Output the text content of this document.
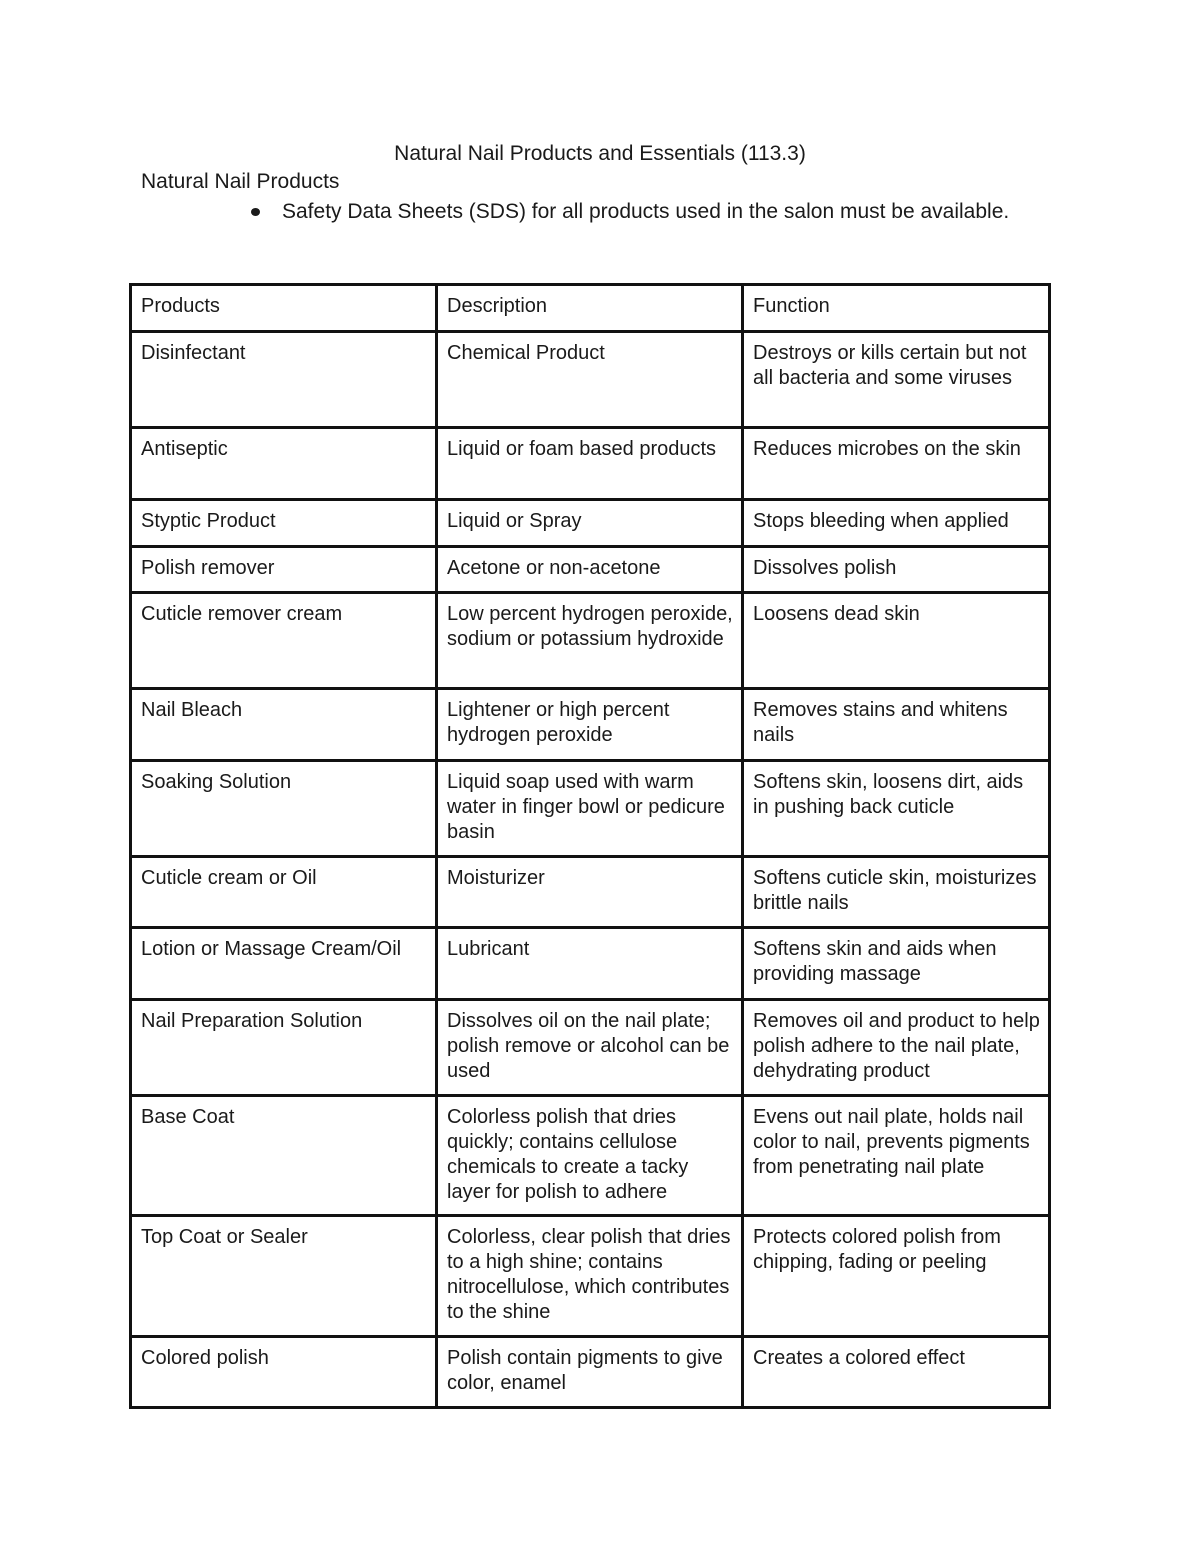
Natural Nail Products and Essentials (113.3)
Natural Nail Products
Safety Data Sheets (SDS) for all products used in the salon must be available.
Products	Description	Function
Disinfectant	Chemical Product	Destroys or kills certain but not all bacteria and some viruses
Antiseptic	Liquid or foam based products	Reduces microbes on the skin
Styptic Product	Liquid or Spray	Stops bleeding when applied
Polish remover	Acetone or non-acetone	Dissolves polish
Cuticle remover cream	Low percent hydrogen peroxide, sodium or potassium hydroxide	Loosens dead skin
Nail Bleach	Lightener or high percent hydrogen peroxide	Removes stains and whitens nails
Soaking Solution	Liquid soap used with warm water in finger bowl or pedicure basin	Softens skin, loosens dirt, aids in pushing back cuticle
Cuticle cream or Oil	Moisturizer	Softens cuticle skin, moisturizes brittle nails
Lotion or Massage Cream/Oil	Lubricant	Softens skin and aids when providing massage
Nail Preparation Solution	Dissolves oil on the nail plate; polish remove or alcohol can be used	Removes oil and product to help polish adhere to the nail plate, dehydrating product
Base Coat	Colorless polish that dries quickly; contains cellulose chemicals to create a tacky layer for polish to adhere	Evens out nail plate, holds nail color to nail, prevents pigments from penetrating nail plate
Top Coat or Sealer	Colorless, clear polish that dries to a high shine; contains nitrocellulose, which contributes to the shine	Protects colored polish from chipping, fading or peeling
Colored polish	Polish contain pigments to give color, enamel	Creates a colored effect
